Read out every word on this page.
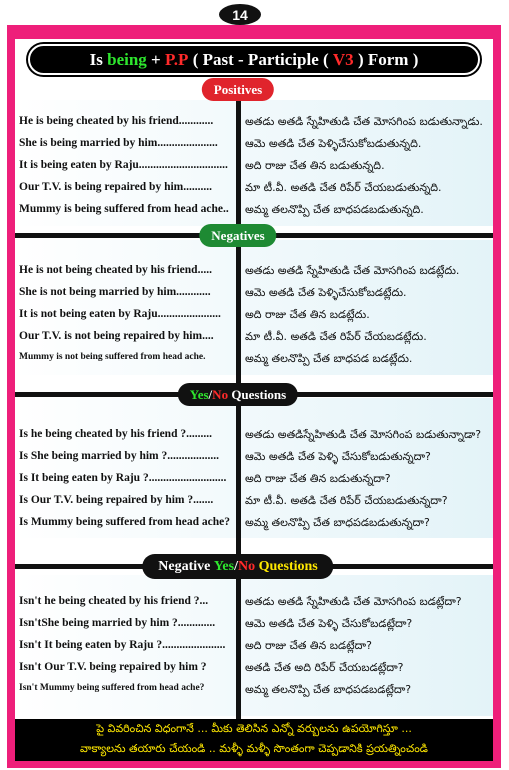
14
Is
being
+
P.P
( Past - Participle (
V3
) Form )
He is being cheated by his friend............	అతడు అతడి స్నేహితుడి చేత మోసగింప బడుతున్నాడు.
She is being married by him.....................	ఆమె అతడి చేత పెళ్ళిచేసుకోబడుతున్నది.
It is being eaten by Raju...............................	అది రాజు చేత తిన బడుతున్నది.
Our T.V. is being repaired by him..........	మా టీ.వీ. అతడి చేత రిపేర్ చేయబడుతున్నది.
Mummy is being suffered from head ache..	అమ్మ తలనొప్పి చేత బాధపడబడుతున్నది.
He is not being cheated by his friend.....	అతడు అతడి స్నేహితుడి చేత మోసగింప బడట్లేదు.
She is not being married by him............	ఆమె అతడి చేత పెళ్ళిచేసుకోబడట్లేదు.
It is not being eaten by Raju......................	అది రాజు చేత తిన బడట్లేదు.
Our T.V. is not being repaired by him....	మా టీ.వీ. అతడి చేత రిపేర్ చేయబడట్లేదు.
Mummy is not being suffered from head ache.	అమ్మ తలనొప్పి చేత బాధపడ బడట్లేదు.
Is he being cheated by his friend ?.........	అతడు అతడిస్నేహితుడి చేత మోసగింప బడుతున్నాడా?
Is She being married by him ?..................	ఆమె అతడి చేత పెళ్ళి చేసుకోబడుతున్నదా?
Is It being eaten by Raju ?...........................	అది రాజు చేత తిన బడుతున్నదా?
Is Our T.V. being repaired by him ?.......	మా టీ.వీ. అతడి చేత రిపేర్ చేయబడుతున్నదా?
Is Mummy being suffered from head ache?	అమ్మ తలనొప్పి చేత బాధపడబడుతున్నదా?
Isn't he being cheated by his friend ?...	అతడు అతడి స్నేహితుడి చేత మోసగింప బడట్లేదా?
Isn'tShe being married by him ?.............	ఆమె అతడి చేత పెళ్ళి చేసుకోబడట్లేదా?
Isn't It being eaten by Raju ?......................	అది రాజు చేత తిన బడట్లేదా?
Isn't Our T.V. being repaired by him ?	అతడి చేత అది రిపేర్ చేయబడట్లేదా?
Isn't Mummy being suffered from head ache?	అమ్మ తలనొప్పి చేత బాధపడబడట్లేదా?
Positives
Negatives
Yes / No Questions
Negative Yes / No Questions
పై వివరించిన విధంగానే ... మీకు తెలిసిన ఎన్నో వర్బులను ఉపయోగిస్తూ ...
వాక్యాలను తయారు చేయండి .. మళ్ళీ మళ్ళీ సొంతంగా చెప్పడానికి ప్రయత్నించండి
